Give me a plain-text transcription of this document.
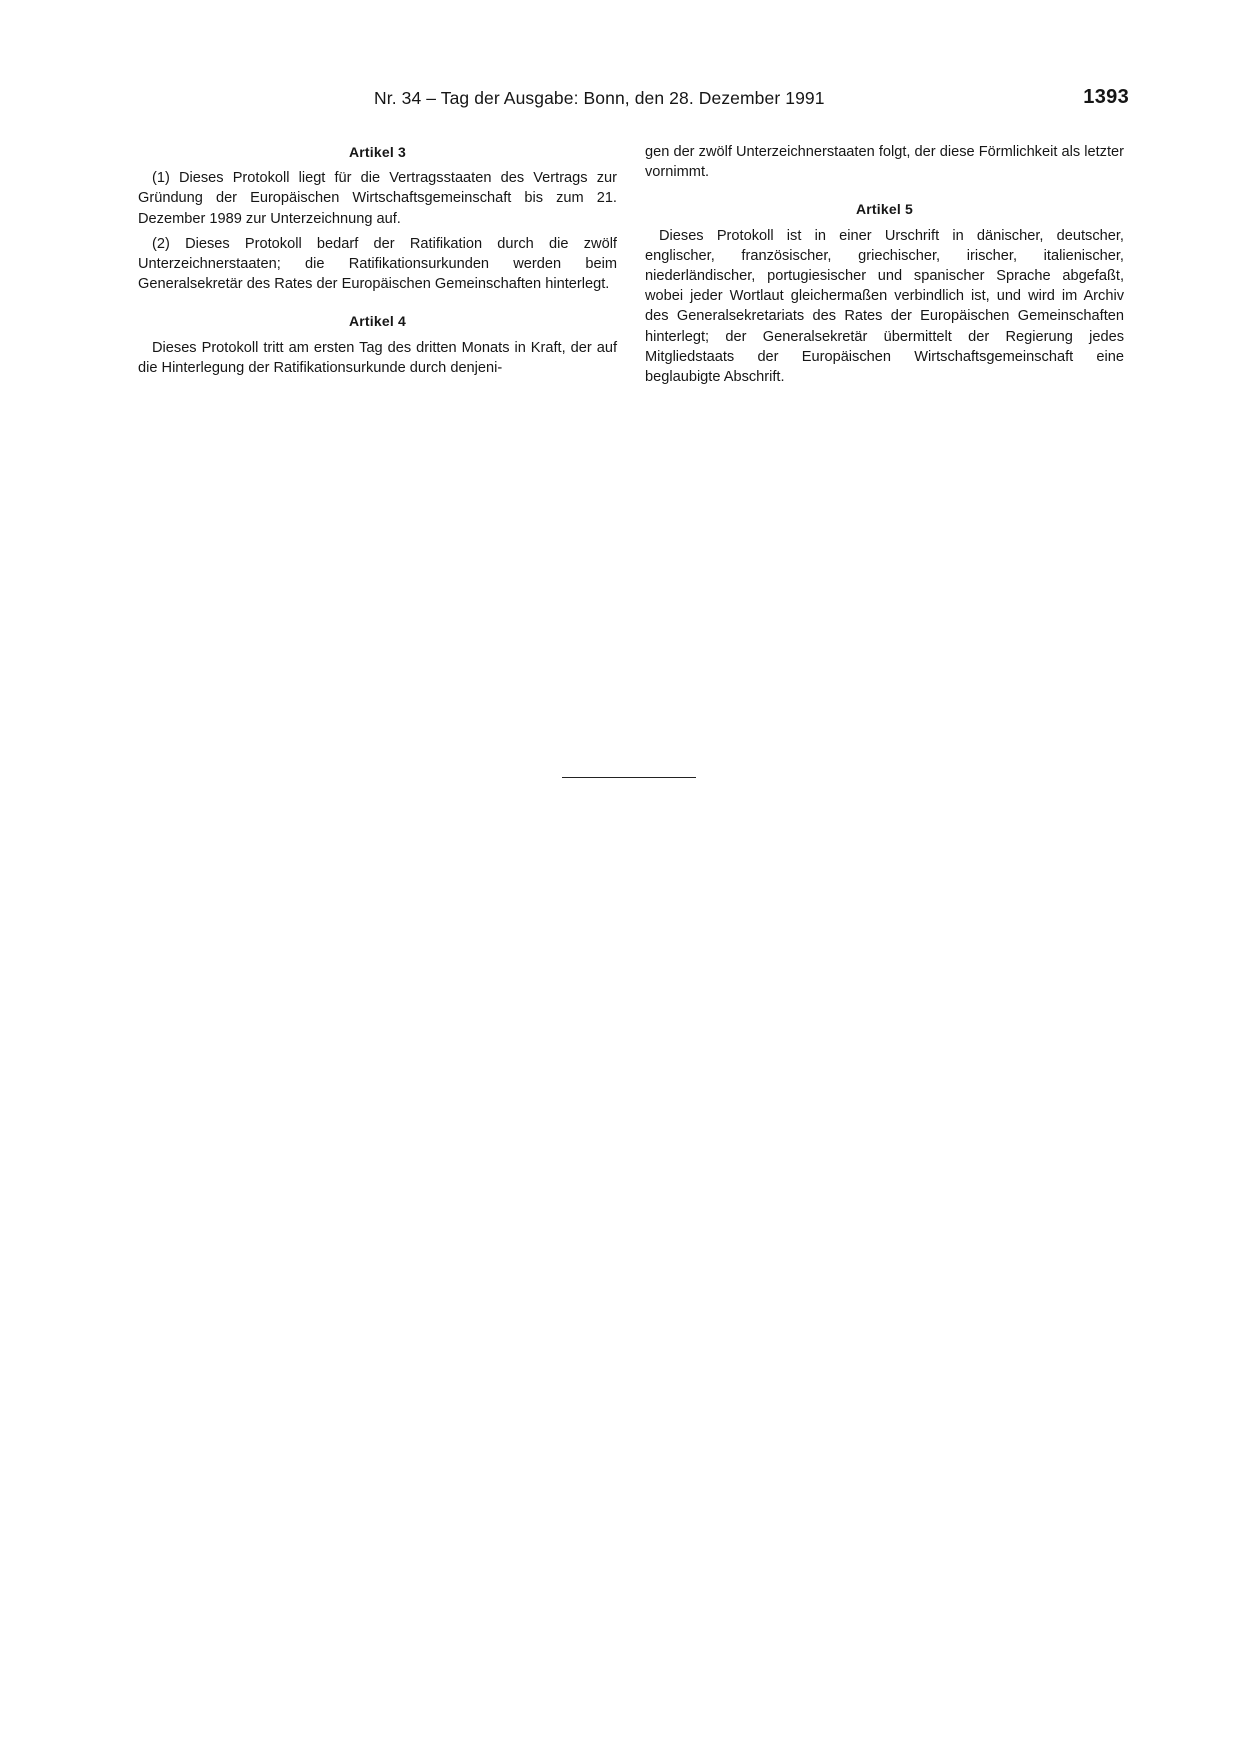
Nr. 34 – Tag der Ausgabe: Bonn, den 28. Dezember 1991	1393
Artikel 3

(1) Dieses Protokoll liegt für die Vertragsstaaten des Vertrags zur Gründung der Europäischen Wirtschaftsgemeinschaft bis zum 21. Dezember 1989 zur Unterzeichnung auf.

(2) Dieses Protokoll bedarf der Ratifikation durch die zwölf Unterzeichnerstaaten; die Ratifikationsurkunden werden beim Generalsekretär des Rates der Europäischen Gemeinschaften hinterlegt.

Artikel 4

Dieses Protokoll tritt am ersten Tag des dritten Monats in Kraft, der auf die Hinterlegung der Ratifikationsurkunde durch denjeni-

gen der zwölf Unterzeichnerstaaten folgt, der diese Förmlichkeit als letzter vornimmt.

Artikel 5

Dieses Protokoll ist in einer Urschrift in dänischer, deutscher, englischer, französischer, griechischer, irischer, italienischer, niederländischer, portugiesischer und spanischer Sprache abgefaßt, wobei jeder Wortlaut gleichermaßen verbindlich ist, und wird im Archiv des Generalsekretariats des Rates der Europäischen Gemeinschaften hinterlegt; der Generalsekretär übermittelt der Regierung jedes Mitgliedstaats der Europäischen Wirtschaftsgemeinschaft eine beglaubigte Abschrift.
